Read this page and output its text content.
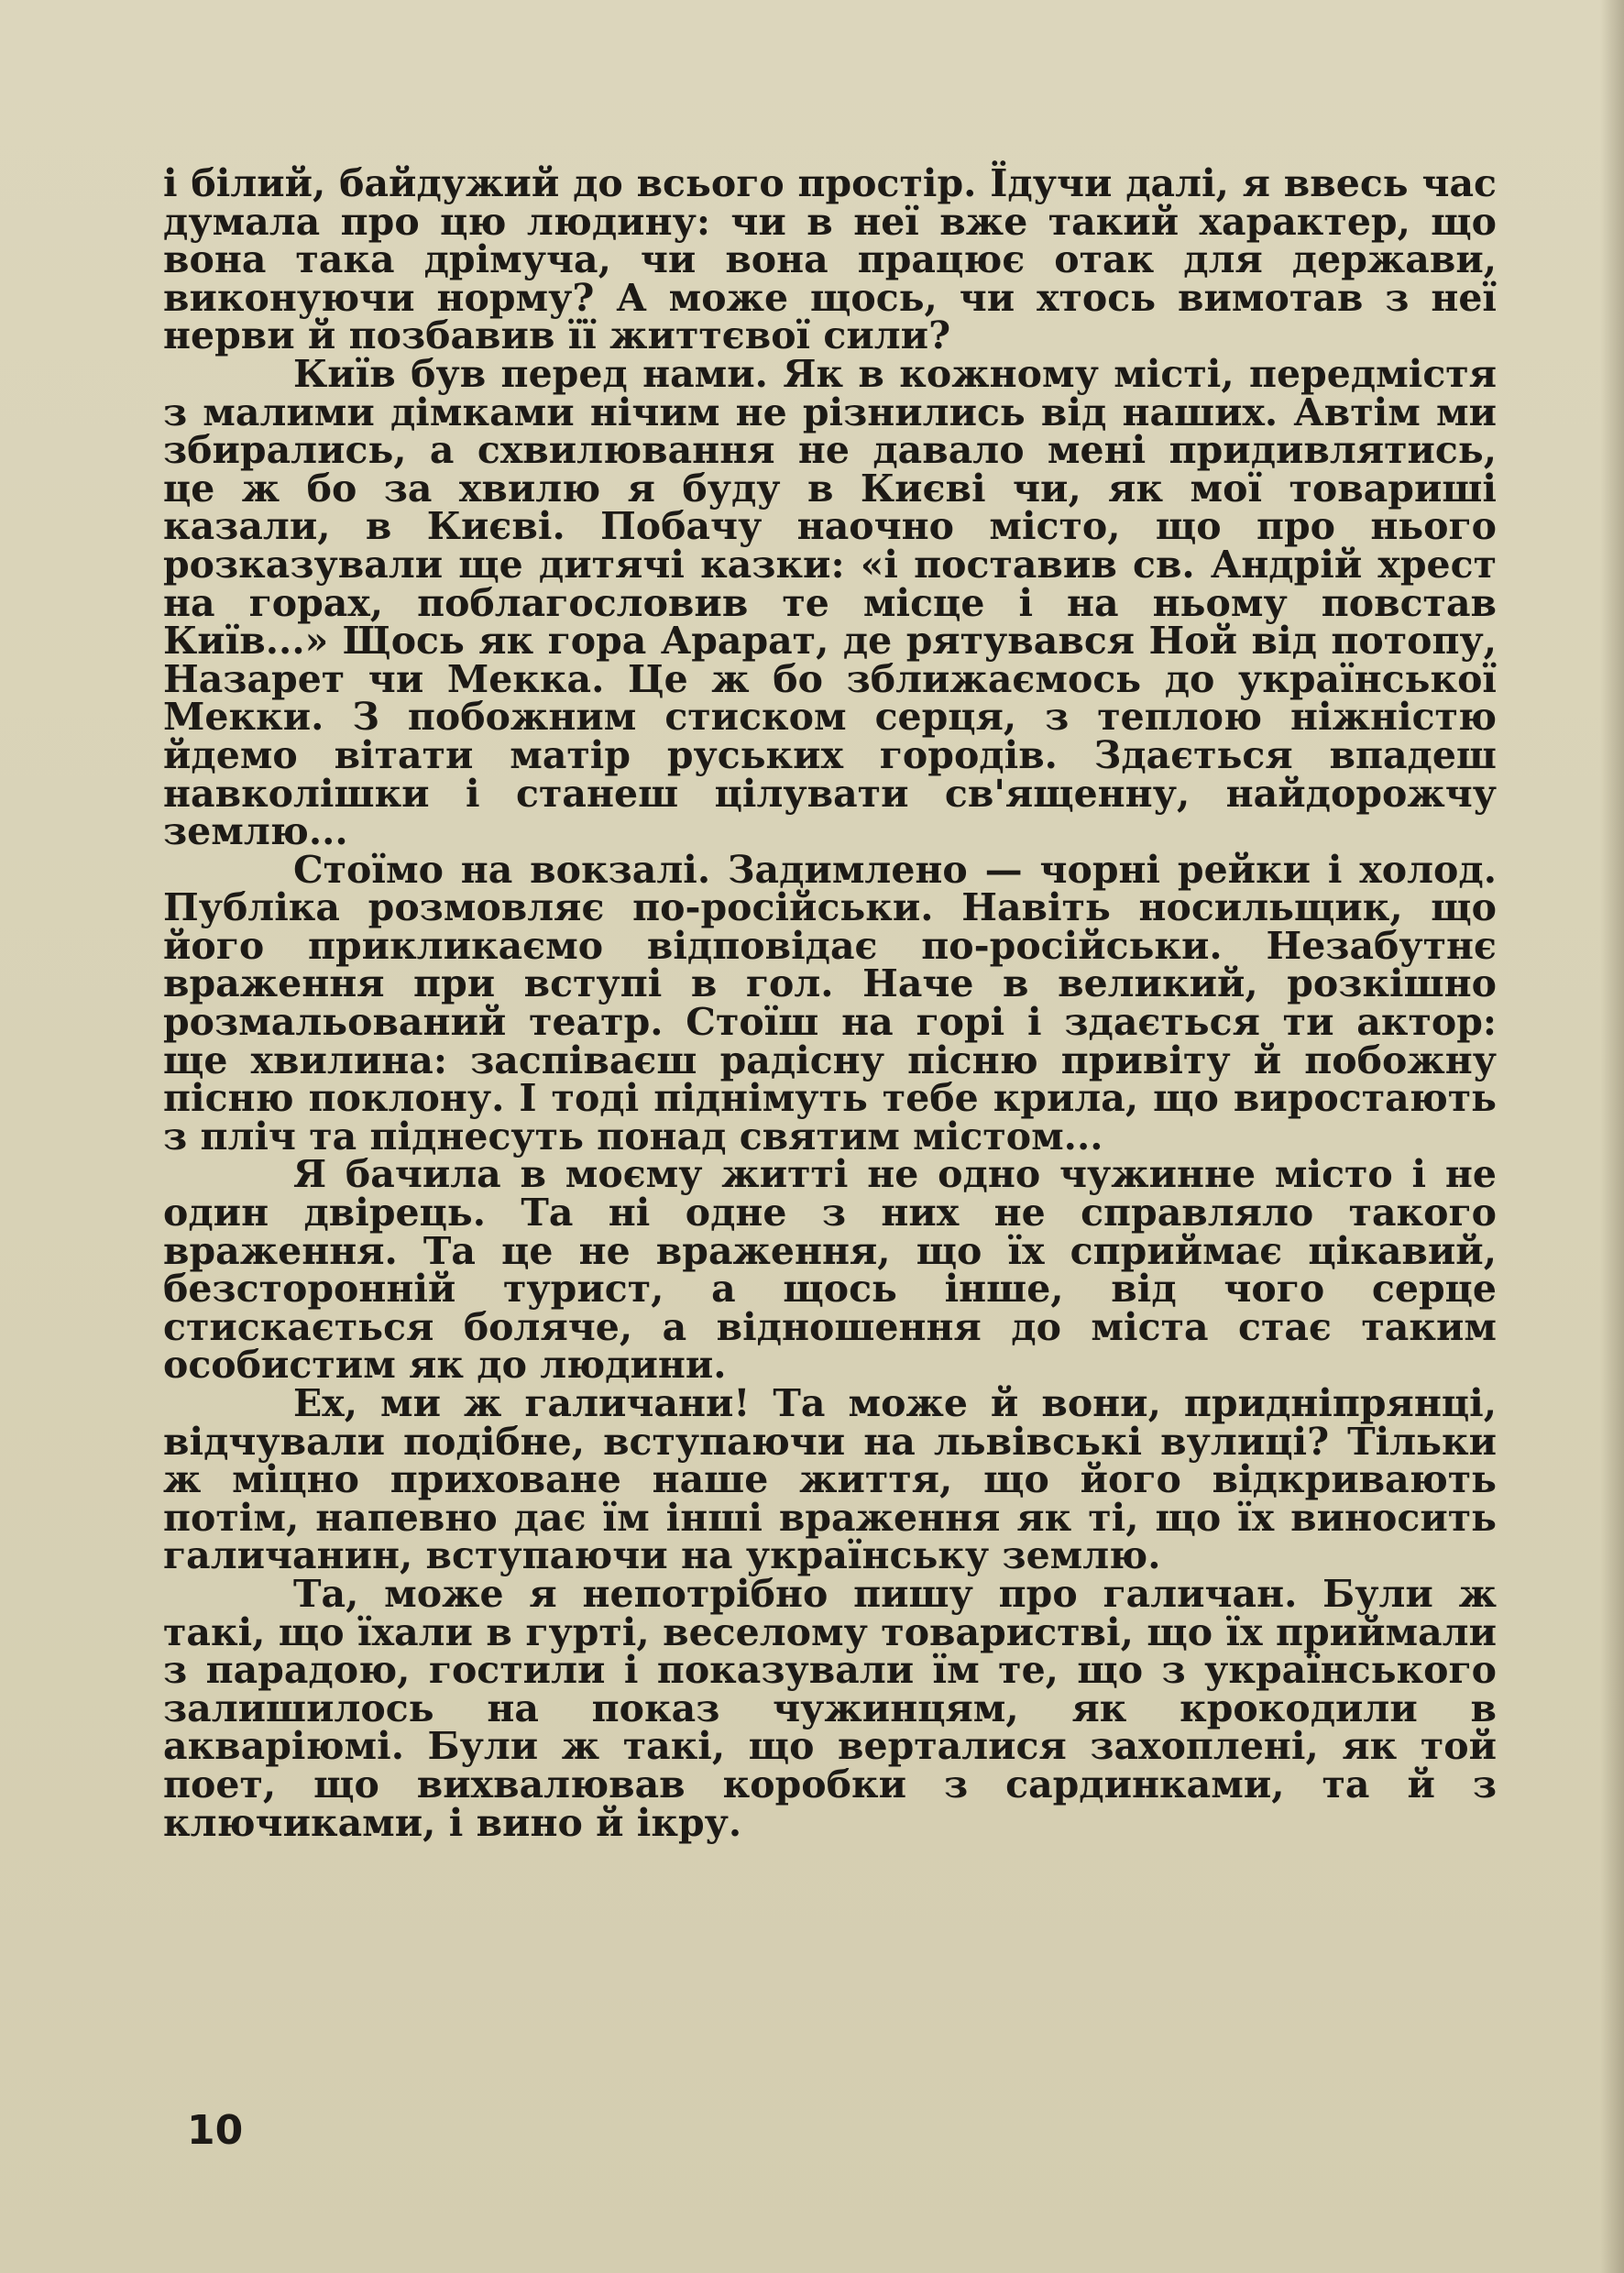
і білий, байдужий до всього простір. Їдучи далі, я ввесь час думала про цю людину: чи в неї вже такий характер, що вона така дрімуча, чи вона працює отак для держави, виконуючи норму? А може щось, чи хтось вимотав з неї нерви й позбавив її життєвої сили?

Київ був перед нами. Як в кожному місті, передмістя з малими дімками нічим не різнились від наших. Автім ми збирались, а схвилювання не давало мені придивлятись, це ж бо за хвилю я буду в Києві чи, як мої товариші казали, в Києві. Побачу наочно місто, що про нього розказували ще дитячі казки: «і поставив св. Андрій хрест на горах, поблагословив те місце і на ньому повстав Київ...» Щось як гора Арарат, де рятувався Ной від потопу, Назарет чи Мекка. Це ж бо зближаємось до української Мекки. З побожним стиском серця, з теплою ніжністю йдемо вітати матір руських городів. Здається впадеш навколішки і станеш цілувати св'ященну, найдорожчу землю...

Стоїмо на вокзалі. Задимлено — чорні рейки і холод. Публіка розмовляє по-російськи. Навіть носильщик, що його прикликаємо відповідає по-російськи. Незабутнє враження при вступі в гол. Наче в великий, розкішно розмальований театр. Стоїш на горі і здається ти актор: ще хвилина: заспіваєш радісну пісню привіту й побожну пісню поклону. І тоді піднімуть тебе крила, що виростають з пліч та піднесуть понад святим містом...

Я бачила в моєму житті не одно чужинне місто і не один двірець. Та ні одне з них не справляло такого враження. Та це не враження, що їх сприймає цікавий, безсторонній турист, а щось інше, від чого серце стискається боляче, а відношення до міста стає таким особистим як до людини.

Ех, ми ж галичани! Та може й вони, придніпрянці, відчували подібне, вступаючи на львівські вулиці? Тільки ж міцно приховане наше життя, що його відкривають потім, напевно дає їм інші враження як ті, що їх виносить галичанин, вступаючи на українську землю.

Та, може я непотрібно пишу про галичан. Були ж такі, що їхали в гурті, веселому товаристві, що їх приймали з парадою, гостили і показували їм те, що з українського залишилось на показ чужинцям, як крокодили в акваріюмі. Були ж такі, що верталися захоплені, як той поет, що вихвалював коробки з сардинками, та й з ключиками, і вино й ікру.

10
